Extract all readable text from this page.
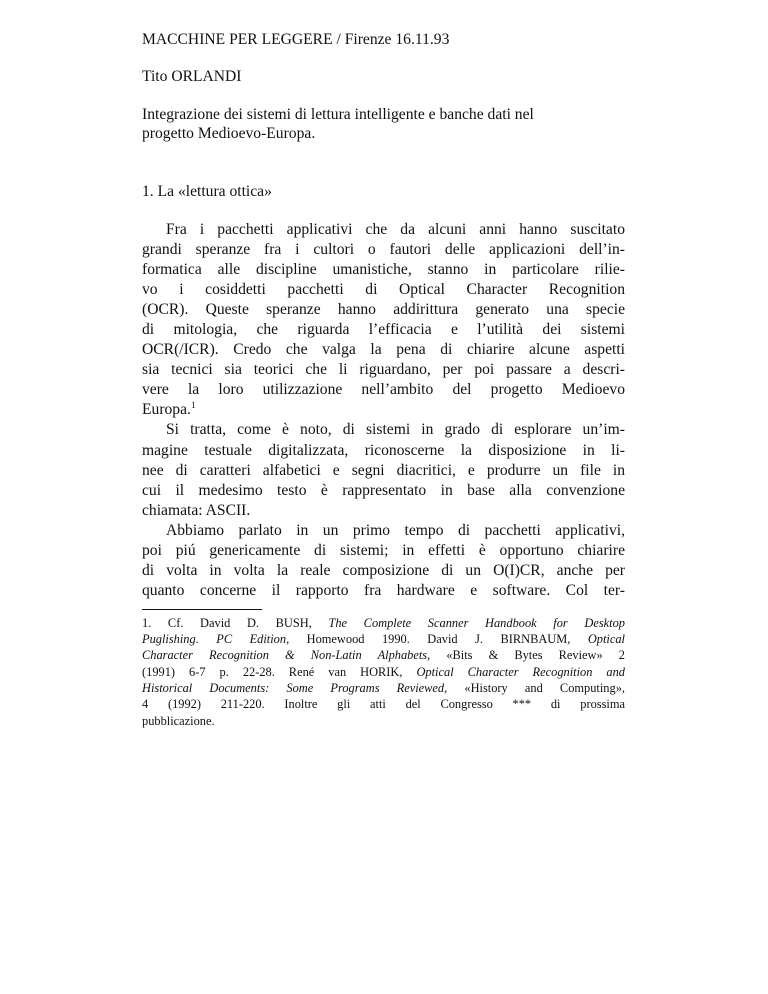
MACCHINE PER LEGGERE / Firenze 16.11.93

Tito ORLANDI

Integrazione dei sistemi di lettura intelligente e banche dati nel

progetto Medioevo-Europa.

1. La «lettura ottica»

Fra i pacchetti applicativi che da alcuni anni hanno suscitato
grandi speranze fra i cultori o fautori delle applicazioni dell’in-
formatica alle discipline umanistiche, stanno in particolare rilie-
vo i cosiddetti pacchetti di Optical Character Recognition
(OCR). Queste speranze hanno addirittura generato una specie
di mitologia, che riguarda l’efficacia e l’utilità dei sistemi
OCR(/ICR). Credo che valga la pena di chiarire alcune aspetti
sia tecnici sia teorici che li riguardano, per poi passare a descri-
vere la loro utilizzazione nell’ambito del progetto Medioevo
Europa.$^1$
Si tratta, come è noto, di sistemi in grado di esplorare un’im-
magine testuale digitalizzata, riconoscerne la disposizione in li-
nee di caratteri alfabetici e segni diacritici, e produrre un file in
cui il medesimo testo è rappresentato in base alla convenzione
chiamata: ASCII.
Abbiamo parlato in un primo tempo di pacchetti applicativi,
poi piú genericamente di sistemi; in effetti è opportuno chiarire
di volta in volta la reale composizione di un O(I)CR, anche per
quanto concerne il rapporto fra hardware e software. Col ter-
1. Cf. David D. BUSH, The Complete Scanner Handbook for Desktop
Puglishing. PC Edition, Homewood 1990. David J. BIRNBAUM, Optical
Character Recognition & Non-Latin Alphabets, «Bits & Bytes Review» 2
(1991) 6-7 p. 22-28. René van HORIK, Optical Character Recognition and
Historical Documents: Some Programs Reviewed, «History and Computing»,
4 (1992) 211-220. Inoltre gli atti del Congresso *** di prossima
pubblicazione.
